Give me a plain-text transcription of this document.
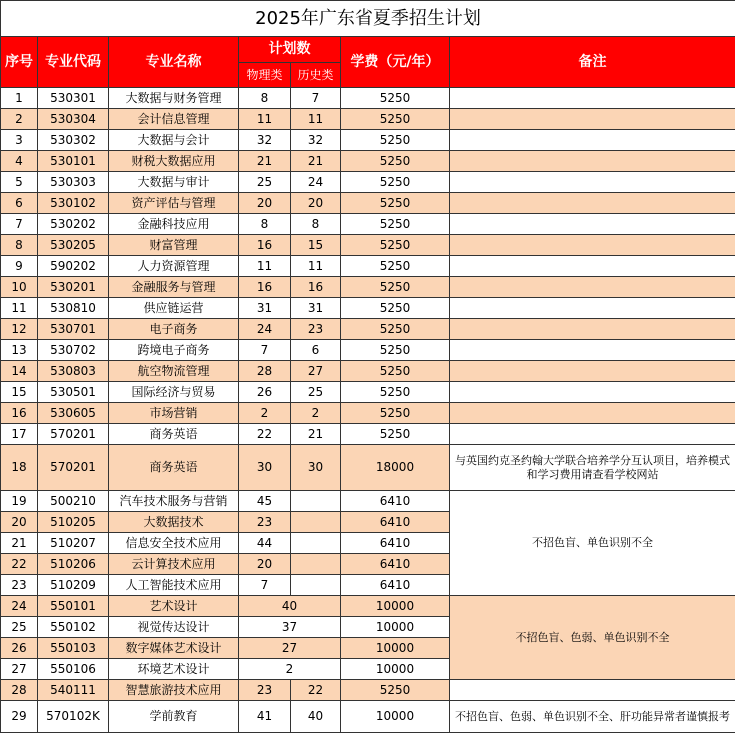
2025年广东省夏季招生计划						
序号	专业代码	专业名称	计划数		学费（元/年）	备注
			物理类	历史类		
1	530301	大数据与财务管理	8	7	5250	
2	530304	会计信息管理	11	11	5250	
3	530302	大数据与会计	32	32	5250	
4	530101	财税大数据应用	21	21	5250	
5	530303	大数据与审计	25	24	5250	
6	530102	资产评估与管理	20	20	5250	
7	530202	金融科技应用	8	8	5250	
8	530205	财富管理	16	15	5250	
9	590202	人力资源管理	11	11	5250	
10	530201	金融服务与管理	16	16	5250	
11	530810	供应链运营	31	31	5250	
12	530701	电子商务	24	23	5250	
13	530702	跨境电子商务	7	6	5250	
14	530803	航空物流管理	28	27	5250	
15	530501	国际经济与贸易	26	25	5250	
16	530605	市场营销	2	2	5250	
17	570201	商务英语	22	21	5250	
18	570201	商务英语	30	30	18000	与英国约克圣约翰大学联合培养学分互认项目，培养模式和学习费用请查看学校网站
19	500210	汽车技术服务与营销	45		6410	不招色盲、单色识别不全
20	510205	大数据技术	23		6410	
21	510207	信息安全技术应用	44		6410	
22	510206	云计算技术应用	20		6410	
23	510209	人工智能技术应用	7		6410	
24	550101	艺术设计	40		10000	不招色盲、色弱、单色识别不全
25	550102	视觉传达设计	37		10000	
26	550103	数字媒体艺术设计	27		10000	
27	550106	环境艺术设计	2		10000	
28	540111	智慧旅游技术应用	23	22	5250	
29	570102K	学前教育	41	40	10000	不招色盲、色弱、单色识别不全、肝功能异常者谨慎报考
